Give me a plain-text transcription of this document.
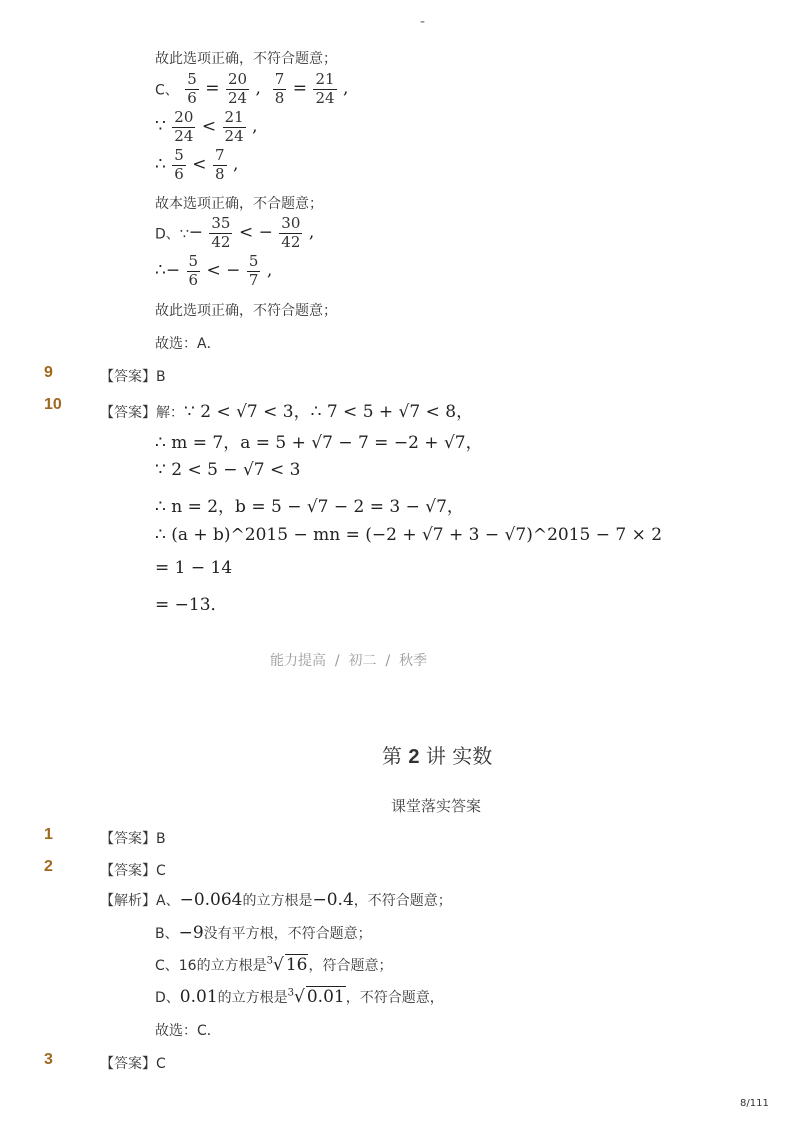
-
故此选项正确，不符合题意；
C、 $\frac{5}{6} = \frac{20}{24}$ , $\frac{7}{8} = \frac{21}{24}$ ,
∵ $\frac{20}{24} < \frac{21}{24}$ ,
∴ $\frac{5}{6} < \frac{7}{8}$ ,
故本选项正确，不合题意；
D、∵− $\frac{35}{42}$ < − $\frac{30}{42}$ ,
∴− $\frac{5}{6}$ < − $\frac{5}{7}$ ,
故此选项正确，不符合题意；
故选：A．
9	【答案】B
10	【答案】解：∵ 2 < √7 < 3，∴ 7 < 5 + √7 < 8，
∴ m = 7，a = 5 + √7 − 7 = −2 + √7，
∵ 2 < 5 − √7 < 3
∴ n = 2，b = 5 − √7 − 2 = 3 − √7，
∴ (a + b)^2015 − mn = (−2 + √7 + 3 − √7)^2015 − 7 × 2
= 1 − 14
= −13．
能力提高 / 初二 / 秋季
第 2 讲 实数
课堂落实答案
1	【答案】B
2	【答案】C
【解析】A、−0.064的立方根是−0.4，不符合题意；
B、−9没有平方根，不符合题意；
C、16的立方根是$^3$√ 16，符合题意；
D、0.01的立方根是$^3$√ 0.01，不符合题意，
故选：C．
3	【答案】C
8/111
